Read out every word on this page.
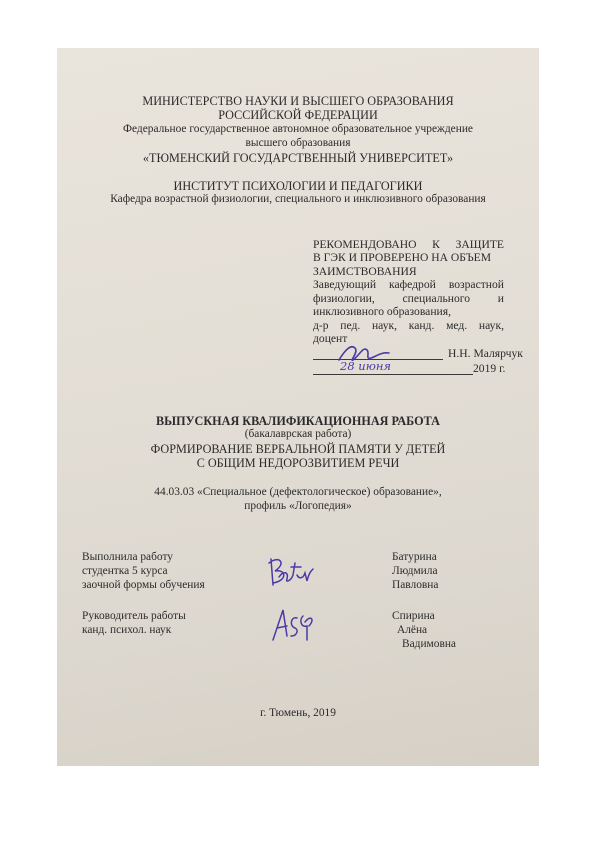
МИНИСТЕРСТВО НАУКИ И ВЫСШЕГО ОБРАЗОВАНИЯ
РОССИЙСКОЙ ФЕДЕРАЦИИ
Федеральное государственное автономное образовательное учреждение
высшего образования
«ТЮМЕНСКИЙ ГОСУДАРСТВЕННЫЙ УНИВЕРСИТЕТ»
ИНСТИТУТ ПСИХОЛОГИИ И ПЕДАГОГИКИ
Кафедра возрастной физиологии, специального и инклюзивного образования
РЕКОМЕНДОВАНО К ЗАЩИТЕ
В ГЭК И ПРОВЕРЕНО НА ОБЪЕМ
ЗАИМСТВОВАНИЯ
Заведующий кафедрой возрастной
физиологии, специального и
инклюзивного образования,
д-р пед. наук, канд. мед. наук,
доцент
Н.Н. Малярчук
28 июня	2019 г.
ВЫПУСКНАЯ КВАЛИФИКАЦИОННАЯ РАБОТА
(бакалаврская работа)
ФОРМИРОВАНИЕ ВЕРБАЛЬНОЙ ПАМЯТИ У ДЕТЕЙ
С ОБЩИМ НЕДОРОЗВИТИЕМ РЕЧИ
44.03.03 «Специальное (дефектологическое) образование»,
профиль «Логопедия»
Выполнила работу
студентка 5 курса
заочной формы обучения
Батурина
Людмила
Павловна
Руководитель работы
канд. психол. наук
Спирина
Алёна
Вадимовна
г. Тюмень, 2019
